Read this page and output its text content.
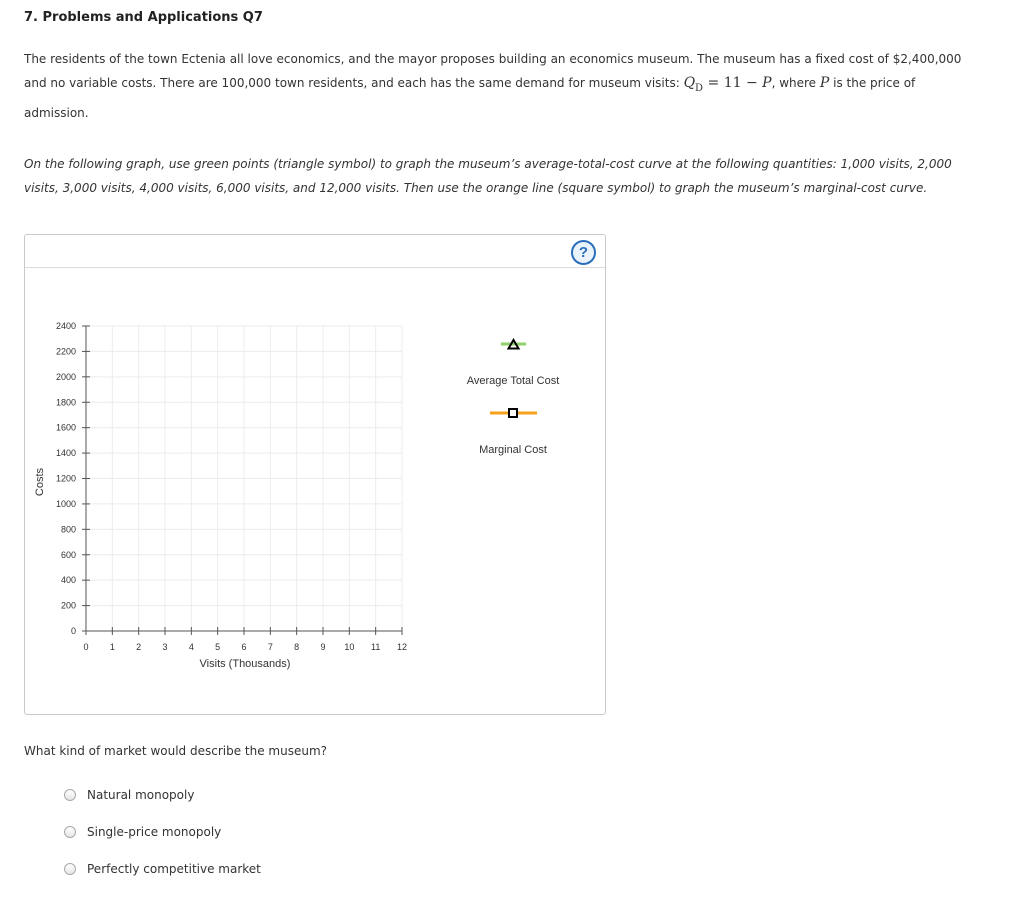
7. Problems and Applications Q7

The residents of the town Ectenia all love economics, and the mayor proposes building an economics museum. The museum has a fixed cost of $2,400,000 and no variable costs. There are 100,000 town residents, and each has the same demand for museum visits: $Q_D = 11 - P$, where P is the price of admission.

On the following graph, use green points (triangle symbol) to graph the museum’s average-total-cost curve at the following quantities: 1,000 visits, 2,000 visits, 3,000 visits, 4,000 visits, 6,000 visits, and 12,000 visits. Then use the orange line (square symbol) to graph the museum’s marginal-cost curve.

?
0 1 2 3 4 5 6 7 8 9 10 11 12
0
200
400
600
800
1000
1200
1400
1600
1800
2000
2200
2400
Costs
Visits (Thousands)
Average Total Cost
Marginal Cost

What kind of market would describe the museum?

Natural monopoly
Single-price monopoly
Perfectly competitive market
